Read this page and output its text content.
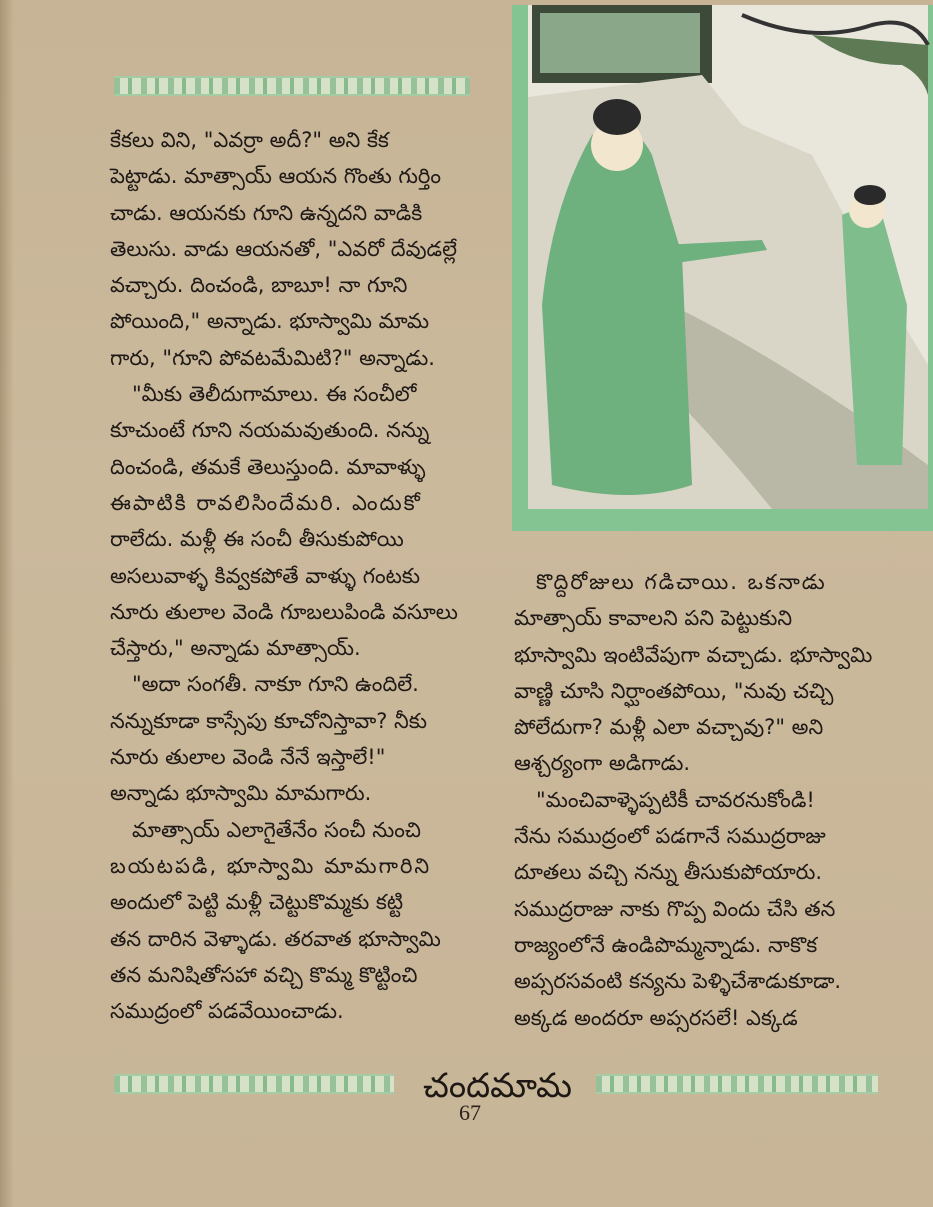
కేకలు విని, "ఎవర్రా అదీ?" అని కేక

పెట్టాడు. మాత్సాయ్ ఆయన గొంతు గుర్తిం

చాడు. ఆయనకు గూని ఉన్నదని వాడికి

తెలుసు. వాడు ఆయనతో, "ఎవరో దేవుడల్లే

వచ్చారు. దించండి, బాబూ! నా గూని

పోయింది," అన్నాడు. భూస్వామి మామ

గారు, "గూని పోవటమేమిటి?" అన్నాడు.

"మీకు తెలీదుగామాలు. ఈ సంచీలో

కూచుంటే గూని నయమవుతుంది. నన్ను

దించండి, తమకే తెలుస్తుంది. మావాళ్ళు

ఈపాటికి రావలిసిందేమరి. ఎందుకో

రాలేదు. మళ్లీ ఈ సంచీ తీసుకుపోయి

అసలువాళ్ళ కివ్వకపోతే వాళ్ళు గంటకు

నూరు తులాల వెండి గూబలుపిండి వసూలు

చేస్తారు," అన్నాడు మాత్సాయ్.

"అదా సంగతీ. నాకూ గూని ఉందిలే.

నన్నుకూడా కాస్సేపు కూచోనిస్తావా? నీకు

నూరు తులాల వెండి నేనే ఇస్తాలే!"

అన్నాడు భూస్వామి మామగారు.

మాత్సాయ్ ఎలాగైతేనేం సంచీ నుంచి

బయటపడి, భూస్వామి మామగారిని

అందులో పెట్టి మళ్లీ చెట్టుకొమ్మకు కట్టి

తన దారిన వెళ్ళాడు. తరవాత భూస్వామి

తన మనిషితోసహా వచ్చి కొమ్మ కొట్టించి

సముద్రంలో పడవేయించాడు.

కొద్దిరోజులు గడిచాయి. ఒకనాడు

మాత్సాయ్ కావాలని పని పెట్టుకుని

భూస్వామి ఇంటివేపుగా వచ్చాడు. భూస్వామి

వాణ్ణి చూసి నిర్ఘాంతపోయి, "నువు చచ్చి

పోలేదుగా? మళ్లీ ఎలా వచ్చావు?" అని

ఆశ్చర్యంగా అడిగాడు.

"మంచివాళ్ళెప్పటికీ చావరనుకోండి!

నేను సముద్రంలో పడగానే సముద్రరాజు

దూతలు వచ్చి నన్ను తీసుకుపోయారు.

సముద్రరాజు నాకు గొప్ప విందు చేసి తన

రాజ్యంలోనే ఉండిపొమ్మన్నాడు. నాకొక

అప్సరసవంటి కన్యను పెళ్ళిచేశాడుకూడా.

అక్కడ అందరూ అప్సరసలే! ఎక్కడ

చందమామ
67
